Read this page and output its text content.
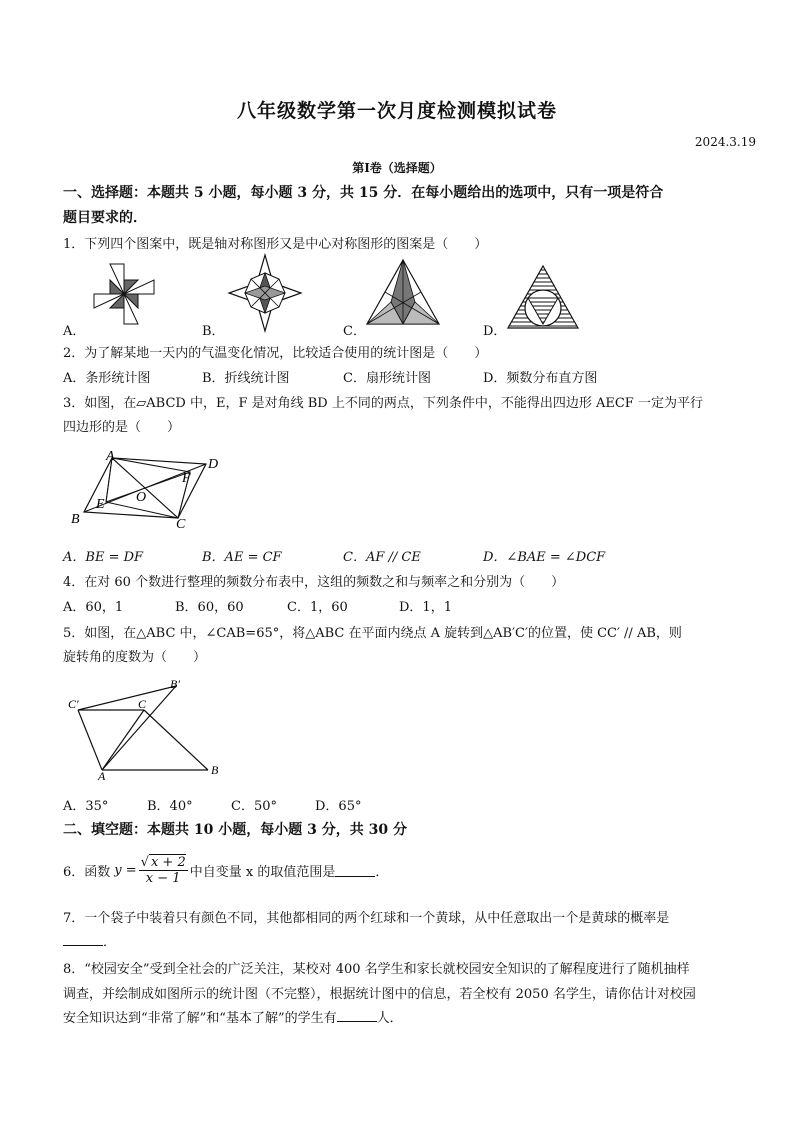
八年级数学第一次月度检测模拟试卷
2024.3.19
第Ⅰ卷（选择题）
一、选择题：本题共 5 小题，每小题 3 分，共 15 分．在每小题给出的选项中，只有一项是符合
题目要求的．
1．下列四个图案中，既是轴对称图形又是中心对称图形的图案是（　　）
A．	B．	C．	D．
2．为了解某地一天内的气温变化情况，比较适合使用的统计图是（　　）
A．条形统计图	B．折线统计图	C．扇形统计图	D．频数分布直方图
3．如图，在▱ABCD 中，E，F 是对角线 BD 上不同的两点，下列条件中，不能得出四边形 AECF 一定为平行
四边形的是（　　）
A
D
B	C
E
F
O
A．BE = DF	B．AE = CF	C．AF // CE	D．∠BAE = ∠DCF
4．在对 60 个数进行整理的频数分布表中，这组的频数之和与频率之和分别为（　　）
A．60，1	B．60，60	C．1，60	D．1，1
5．如图，在△ABC 中，∠CAB=65°，将△ABC 在平面内绕点 A 旋转到△AB′C′的位置，使 CC′ // AB，则
旋转角的度数为（　　）
A	B
C
B′
C′
A．35°	B．40°	C．50°	D．65°
二、填空题：本题共 10 小题，每小题 3 分，共 30 分
6．函数 $y = \frac{√ x + 2}{x - 1}$ 中自变量 x 的取值范围是	．
7．一个袋子中装着只有颜色不同，其他都相同的两个红球和一个黄球，从中任意取出一个是黄球的概率是
．
8．“校园安全”受到全社会的广泛关注，某校对 400 名学生和家长就校园安全知识的了解程度进行了随机抽样
调查，并绘制成如图所示的统计图（不完整），根据统计图中的信息，若全校有 2050 名学生，请你估计对校园
安全知识达到“非常了解”和“基本了解”的学生有	人．
